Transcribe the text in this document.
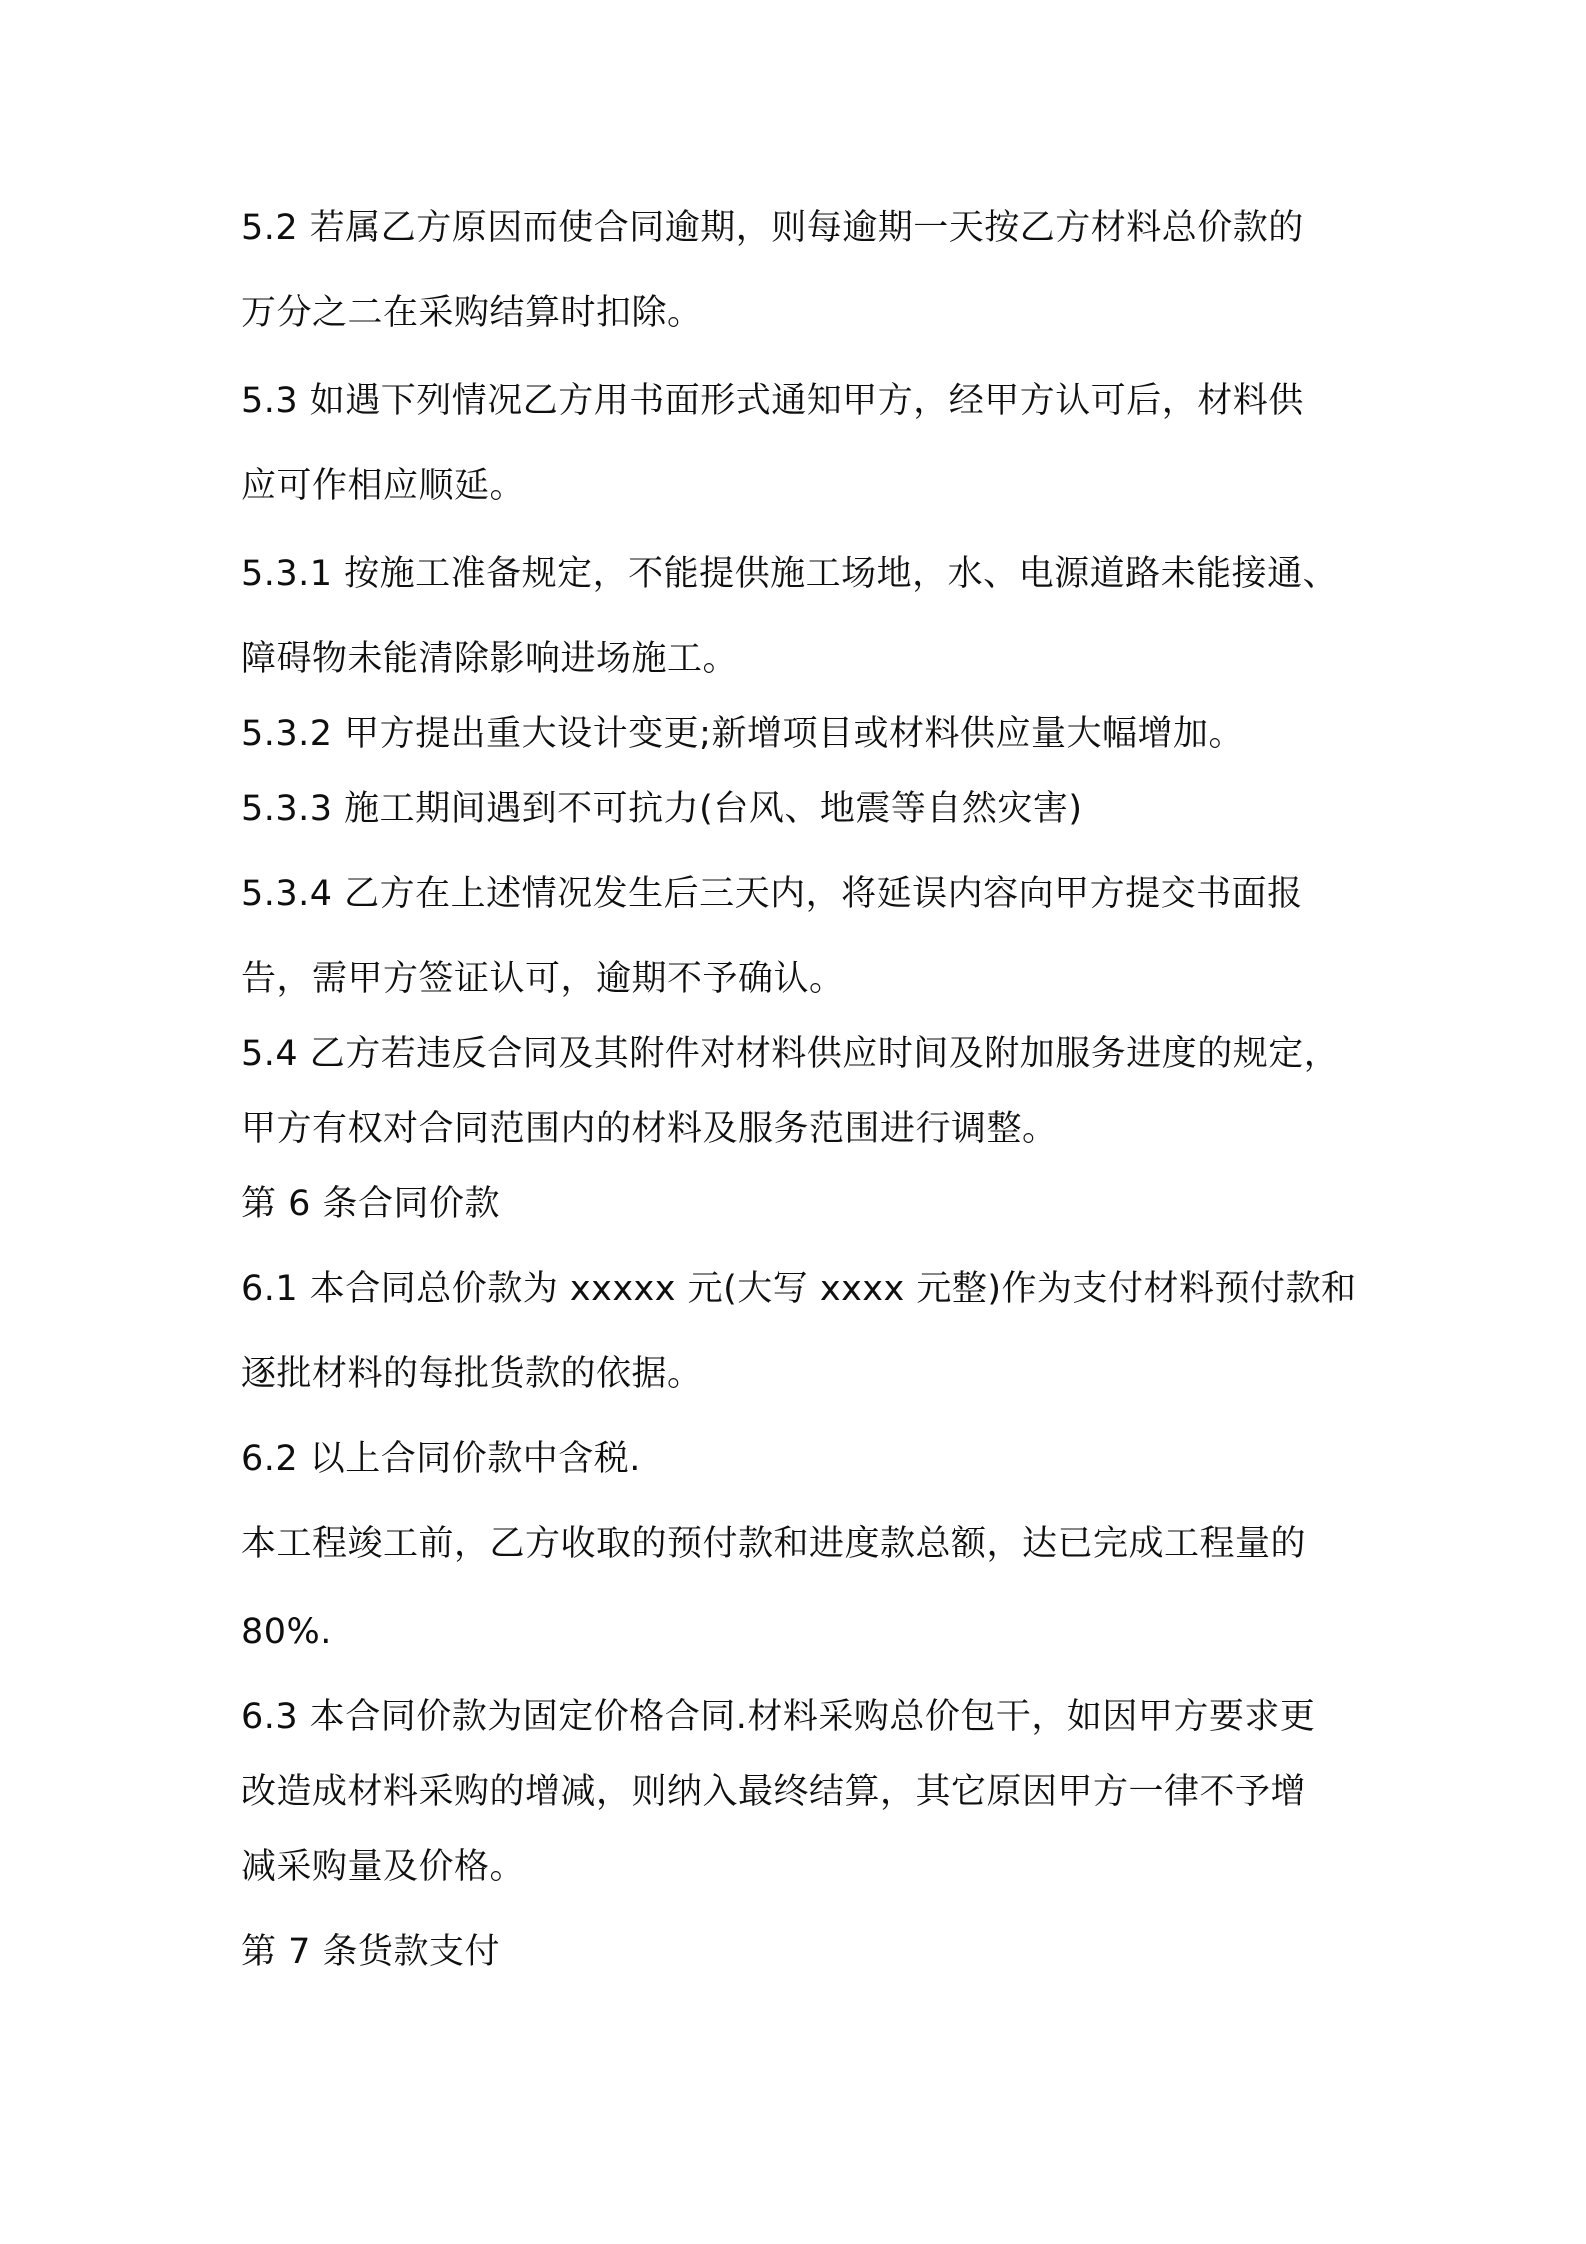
5.2 若属乙方原因而使合同逾期，则每逾期一天按乙方材料总价款的
万分之二在采购结算时扣除。
5.3 如遇下列情况乙方用书面形式通知甲方，经甲方认可后，材料供
应可作相应顺延。
5.3.1 按施工准备规定，不能提供施工场地，水、电源道路未能接通、
障碍物未能清除影响进场施工。
5.3.2 甲方提出重大设计变更;新增项目或材料供应量大幅增加。
5.3.3 施工期间遇到不可抗力(台风、地震等自然灾害)
5.3.4 乙方在上述情况发生后三天内，将延误内容向甲方提交书面报
告，需甲方签证认可，逾期不予确认。
5.4 乙方若违反合同及其附件对材料供应时间及附加服务进度的规定，
甲方有权对合同范围内的材料及服务范围进行调整。
第 6 条合同价款
6.1 本合同总价款为 xxxxx 元(大写 xxxx 元整)作为支付材料预付款和
逐批材料的每批货款的依据。
6.2 以上合同价款中含税.
本工程竣工前，乙方收取的预付款和进度款总额，达已完成工程量的
80%.
6.3 本合同价款为固定价格合同.材料采购总价包干，如因甲方要求更
改造成材料采购的增减，则纳入最终结算，其它原因甲方一律不予增
减采购量及价格。
第 7 条货款支付
